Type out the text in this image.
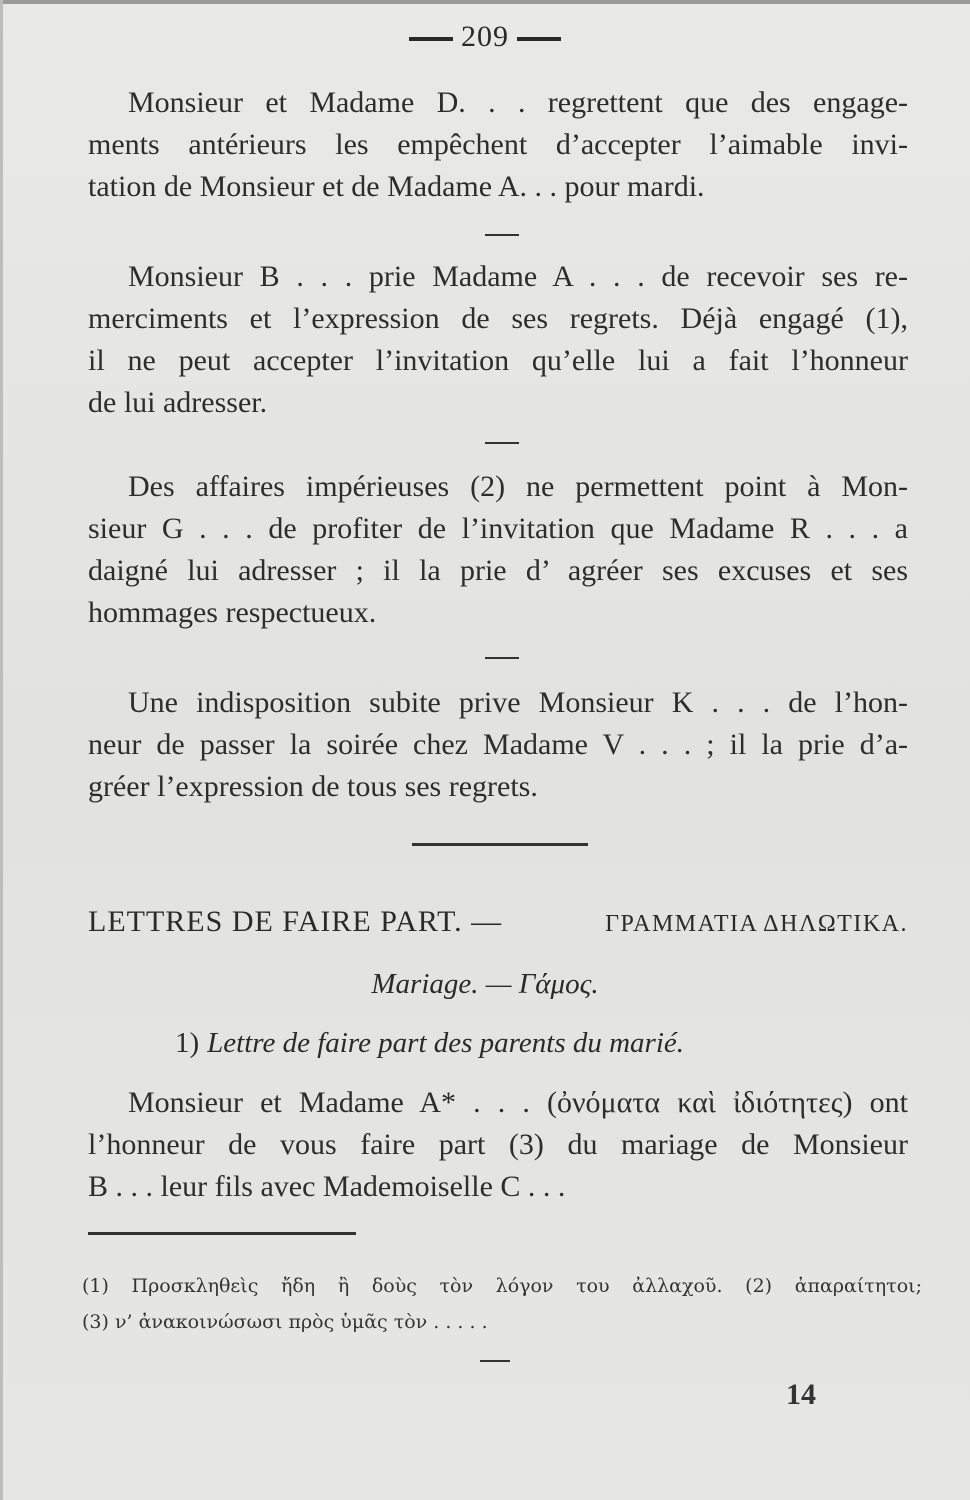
209
Monsieur et Madame D. . . regrettent que des engage-
ments antérieurs les empêchent d’accepter l’aimable invi-
tation de Monsieur et de Madame A. . . pour mardi.
Monsieur B . . . prie Madame A . . . de recevoir ses re-
merciments et l’expression de ses regrets. Déjà engagé (1),
il ne peut accepter l’invitation qu’elle lui a fait l’honneur
de lui adresser.
Des affaires impérieuses (2) ne permettent point à Mon-
sieur G . . . de profiter de l’invitation que Madame R . . . a
daigné lui adresser ; il la prie d’ agréer ses excuses et ses
hommages respectueux.
Une indisposition subite prive Monsieur K . . . de l’hon-
neur de passer la soirée chez Madame V . . . ; il la prie d’a-
gréer l’expression de tous ses regrets.
LETTRES DE FAIRE PART. —	ΓΡΑΜΜΑΤΙΑ ΔΗΛΩΤΙΚΑ.
Mariage. — Γάμος.
1) Lettre de faire part des parents du marié.
Monsieur et Madame A* . . . (ὀνόματα καὶ ἰδιότητες) ont
l’honneur de vous faire part (3) du mariage de Monsieur
B . . . leur fils avec Mademoiselle C . . .
(1) Προσκληθεὶς ἤδη ἢ δοὺς τὸν λόγον του ἀλλαχοῦ. (2) ἀπαραίτητοι;
(3) ν’ ἀνακοινώσωσι πρὸς ὑμᾶς τὸν . . . . .
14
